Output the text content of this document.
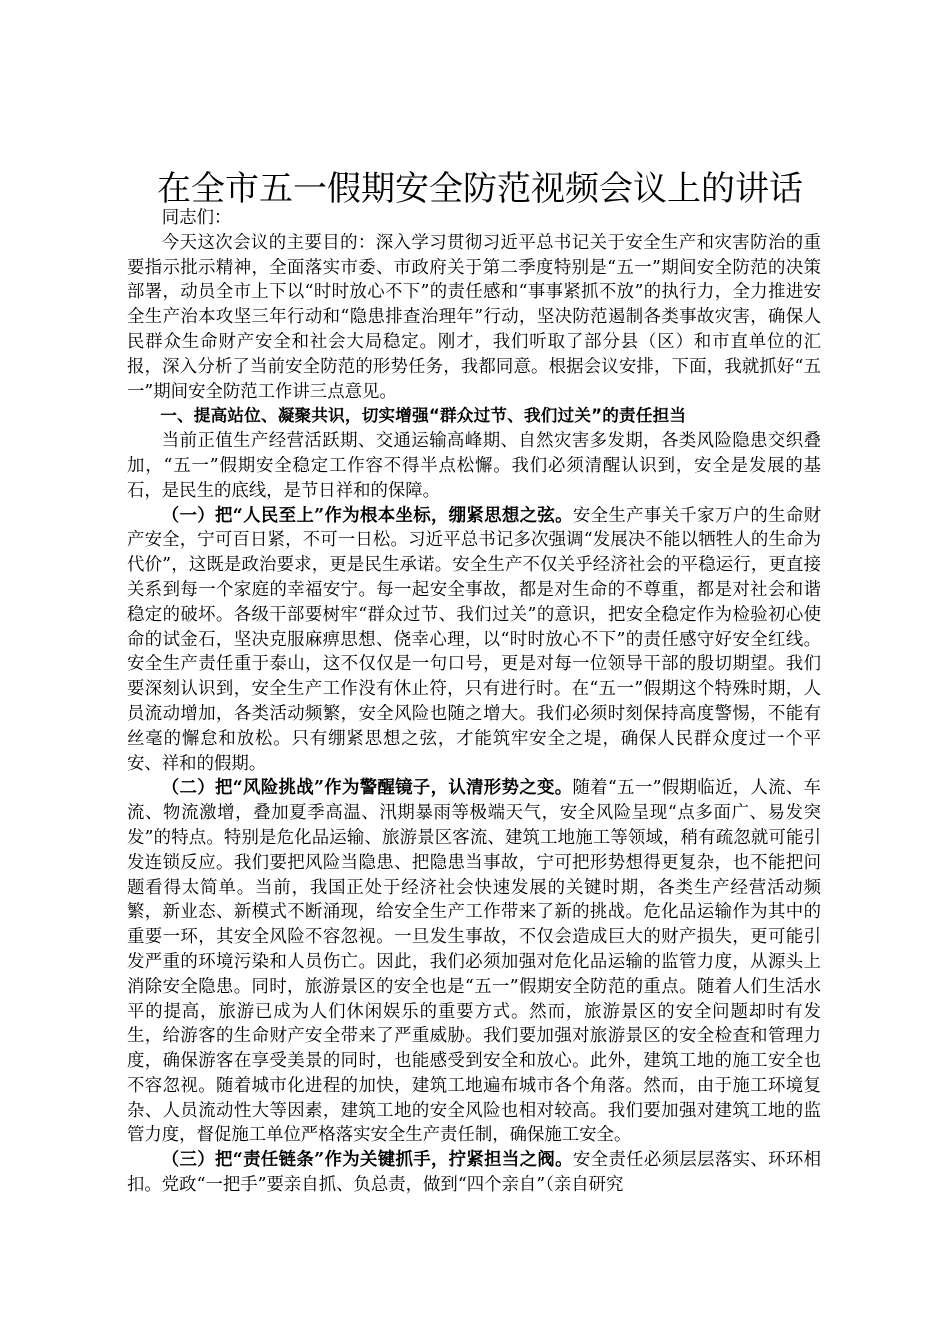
在全市五一假期安全防范视频会议上的讲话

同志们：

今天这次会议的主要目的：深入学习贯彻习近平总书记关于安全生产和灾害防治的重要指示批示精神，全面落实市委、市政府关于第二季度特别是“五一”期间安全防范的决策部署，动员全市上下以“时时放心不下”的责任感和“事事紧抓不放”的执行力，全力推进安全生产治本攻坚三年行动和“隐患排查治理年”行动，坚决防范遏制各类事故灾害，确保人民群众生命财产安全和社会大局稳定。刚才，我们听取了部分县（区）和市直单位的汇报，深入分析了当前安全防范的形势任务，我都同意。根据会议安排，下面，我就抓好“五一”期间安全防范工作讲三点意见。

一、提高站位、凝聚共识，切实增强“群众过节、我们过关”的责任担当

当前正值生产经营活跃期、交通运输高峰期、自然灾害多发期，各类风险隐患交织叠加，“五一”假期安全稳定工作容不得半点松懈。我们必须清醒认识到，安全是发展的基石，是民生的底线，是节日祥和的保障。

（一）把“人民至上”作为根本坐标，绷紧思想之弦。安全生产事关千家万户的生命财产安全，宁可百日紧，不可一日松。习近平总书记多次强调“发展决不能以牺牲人的生命为代价”，这既是政治要求，更是民生承诺。安全生产不仅关乎经济社会的平稳运行，更直接关系到每一个家庭的幸福安宁。每一起安全事故，都是对生命的不尊重，都是对社会和谐稳定的破坏。各级干部要树牢“群众过节、我们过关”的意识，把安全稳定作为检验初心使命的试金石，坚决克服麻痹思想、侥幸心理，以“时时放心不下”的责任感守好安全红线。安全生产责任重于泰山，这不仅仅是一句口号，更是对每一位领导干部的殷切期望。我们要深刻认识到，安全生产工作没有休止符，只有进行时。在“五一”假期这个特殊时期，人员流动增加，各类活动频繁，安全风险也随之增大。我们必须时刻保持高度警惕，不能有丝毫的懈怠和放松。只有绷紧思想之弦，才能筑牢安全之堤，确保人民群众度过一个平安、祥和的假期。

（二）把“风险挑战”作为警醒镜子，认清形势之变。随着“五一”假期临近，人流、车流、物流激增，叠加夏季高温、汛期暴雨等极端天气，安全风险呈现“点多面广、易发突发”的特点。特别是危化品运输、旅游景区客流、建筑工地施工等领域，稍有疏忽就可能引发连锁反应。我们要把风险当隐患、把隐患当事故，宁可把形势想得更复杂，也不能把问题看得太简单。当前，我国正处于经济社会快速发展的关键时期，各类生产经营活动频繁，新业态、新模式不断涌现，给安全生产工作带来了新的挑战。危化品运输作为其中的重要一环，其安全风险不容忽视。一旦发生事故，不仅会造成巨大的财产损失，更可能引发严重的环境污染和人员伤亡。因此，我们必须加强对危化品运输的监管力度，从源头上消除安全隐患。同时，旅游景区的安全也是“五一”假期安全防范的重点。随着人们生活水平的提高，旅游已成为人们休闲娱乐的重要方式。然而，旅游景区的安全问题却时有发生，给游客的生命财产安全带来了严重威胁。我们要加强对旅游景区的安全检查和管理力度，确保游客在享受美景的同时，也能感受到安全和放心。此外，建筑工地的施工安全也不容忽视。随着城市化进程的加快，建筑工地遍布城市各个角落。然而，由于施工环境复杂、人员流动性大等因素，建筑工地的安全风险也相对较高。我们要加强对建筑工地的监管力度，督促施工单位严格落实安全生产责任制，确保施工安全。

（三）把“责任链条”作为关键抓手，拧紧担当之阀。安全责任必须层层落实、环环相扣。党政“一把手”要亲自抓、负总责，做到“四个亲自”（亲自研究
